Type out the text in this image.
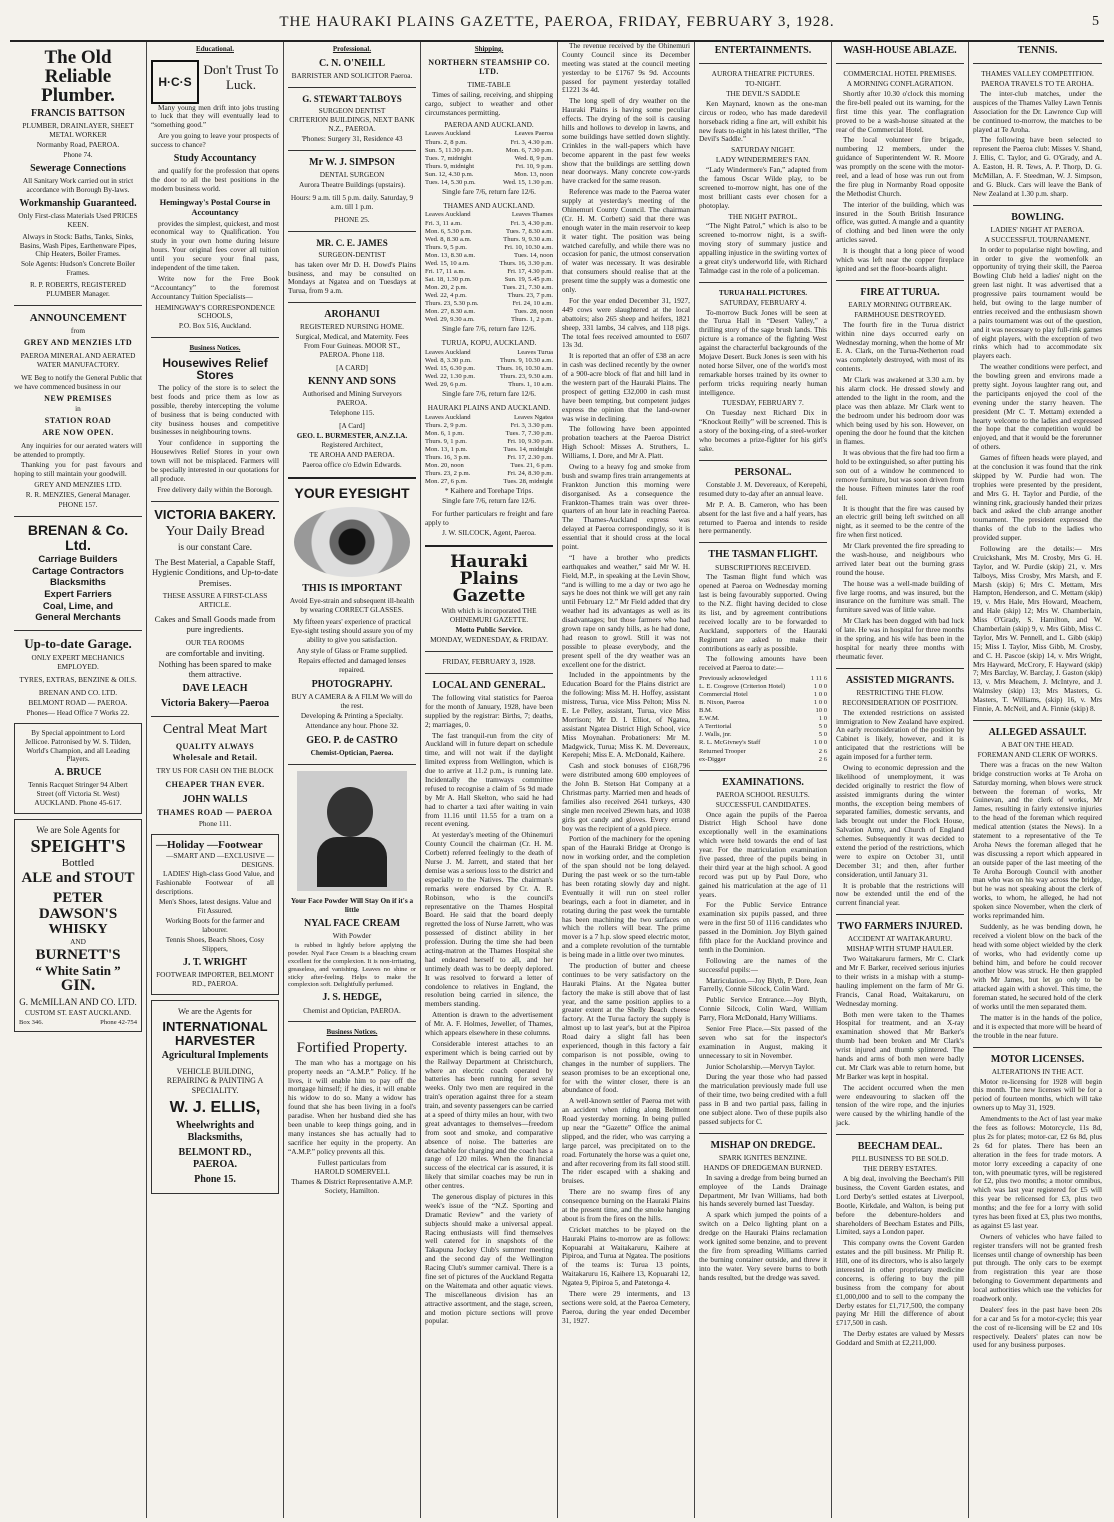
THE HAURAKI PLAINS GAZETTE, PAEROA, FRIDAY, FEBRUARY 3, 1928.	5
The Old Reliable Plumber.
FRANCIS BATTSON
PLUMBER, DRAINLAYER, SHEET METAL WORKER
Normanby Road, PAEROA.
Phone 74.
Sewerage Connections
All Sanitary Work carried out in strict accordance with Borough By-laws.
Workmanship Guaranteed.
Only First-class Materials Used PRICES KEEN.
Always in Stock: Baths, Tanks, Sinks, Basins, Wash Pipes, Earthenware Pipes, Chip Heaters, Boiler Frames.
Sole Agents: Hudson's Concrete Boiler Frames.
R. P. ROBERTS, REGISTERED PLUMBER Manager.
ANNOUNCEMENT
from
GREY AND MENZIES LTD
PAEROA MINERAL AND AERATED WATER MANUFACTORY.

WE Beg to notify the General Public that we have commenced business in our

NEW PREMISES
in
STATION ROAD
ARE NOW OPEN.

Any inquiries for our aerated waters will be attended to promptly.

Thanking you for past favours and hoping to still maintain your goodwill.

GREY AND MENZIES LTD.
R. R. MENZIES, General Manager.
PHONE 157.
BRENAN & Co. Ltd.
Carriage Builders
Cartage Contractors
Blacksmiths
Expert Farriers
Coal, Lime, and
General Merchants
Up-to-date Garage.
ONLY EXPERT MECHANICS EMPLOYED.
TYRES, EXTRAS, BENZINE & OILS.
BRENAN AND CO. LTD.
BELMONT ROAD — PAEROA.
Phones— Head Office 7 Works 22.
By Special appointment to Lord Jellicoe. Patronised by W. S. Tilden, World's Champion, and all Leading Players.
A. BRUCE
Tennis Racquet Stringer 94 Albert Street (off Victoria St. West) AUCKLAND. Phone 45-617.
We are Sole Agents for
SPEIGHT'S
Bottled
ALE and STOUT
PETER DAWSON'S
WHISKY
AND
BURNETT'S
“ White Satin ”
GIN.
G. McMILLAN AND CO. LTD.
CUSTOM ST. EAST AUCKLAND.
Box 346.	Phone 42-754
Educational.
H·C·S
Don't Trust To Luck.

Many young men drift into jobs trusting to luck that they will eventually lead to “something good.”

Are you going to leave your prospects of success to chance?

Study Accountancy

and qualify for the profession that opens the door to all the best positions in the modern business world.

Hemingway's Postal Course in Accountancy

provides the simplest, quickest, and most economical way to Qualification. You study in your own home during leisure hours. Your original fees cover all tuition until you secure your final pass, independent of the time taken.

Write now for the Free Book “Accountancy” to the foremost Accountancy Tuition Specialists—

HEMINGWAY'S CORRESPONDENCE SCHOOLS,
P.O. Box 516, Auckland.
Business Notices.
Housewives Relief Stores

The policy of the store is to select the best foods and price them as low as possible, thereby intercepting the volume of business that is being conducted with city business houses and competitive businesses in neighbouring towns.

Your confidence in supporting the Housewives Relief Stores in your own town will not be misplaced. Farmers will be specially interested in our quotations for all produce.

Free delivery daily within the Borough.
VICTORIA BAKERY.
Your Daily Bread
is our constant Care.
The Best Material, a Capable Staff, Hygienic Conditions, and Up-to-date Premises.
THESE ASSURE A FIRST-CLASS ARTICLE.
Cakes and Small Goods made from pure ingredients.
OUR TEA ROOMS
are comfortable and inviting. Nothing has been spared to make them attractive.
DAVE LEACH
Victoria Bakery—Paeroa
Central Meat Mart
QUALITY ALWAYS
Wholesale and Retail.
TRY US FOR CASH ON THE BLOCK
CHEAPER THAN EVER.
JOHN WALLS
THAMES ROAD — PAEROA
Phone 111.
—Holiday —Footwear
—SMART AND —EXCLUSIVE —DESIGNS.

LADIES' High-class Good Value, and Fashionable Footwear of all descriptions.

Men's Shoes, latest designs. Value and Fit Assured.
Working Boots for the farmer and labourer.
Tennis Shoes, Beach Shoes, Cosy Slippers,
J. T. WRIGHT
FOOTWEAR IMPORTER, BELMONT RD., PAEROA.
We are the Agents for
INTERNATIONAL HARVESTER
Agricultural Implements
VEHICLE BUILDING, REPAIRING & PAINTING A SPECIALITY.
W. J. ELLIS,
Wheelwrights and Blacksmiths,
BELMONT RD., PAEROA.
Phone 15.
Professional.
C. N. O'NEILL
BARRISTER AND SOLICITOR Paeroa.
G. STEWART TALBOYS
SURGEON DENTIST
CRITERION BUILDINGS, NEXT BANK N.Z., PAEROA.
'Phones: Surgery 31, Residence 43
Mr W. J. SIMPSON
DENTAL SURGEON
Aurora Theatre Buildings (upstairs).
Hours: 9 a.m. till 5 p.m. daily. Saturday, 9 a.m. till 1 p.m.
PHONE 25.
MR. C. E. JAMES
SURGEON-DENTIST

has taken over Mr D. H. Dowd's Plains business, and may be consulted on Mondays at Ngatea and on Tuesdays at Turua, from 9 a.m.

AROHANUI
REGISTERED NURSING HOME.
Surgical, Medical, and Maternity. Fees From Four Guineas. MOOR ST., PAEROA. Phone 118.
[A CARD]
KENNY AND SONS
Authorised and Mining Surveyors PAEROA.
Telephone 115.
[A Card]
GEO. L. BURMESTER, A.N.Z.I.A.
Registered Architect,
TE AROHA AND PAEROA.
Paeroa office c/o Edwin Edwards.
YOUR EYESIGHT
THIS IS IMPORTANT
Avoid Eye-strain and subsequent ill-health by wearing CORRECT GLASSES.
My fifteen years' experience of practical Eye-sight testing should assure you of my ability to give you satisfaction.
Any style of Glass or Frame supplied.
Repairs effected and damaged lenses repaired.
PHOTOGRAPHY.
BUY A CAMERA & A FILM We will do the rest.
Developing & Printing a Specialty.
Attendance any hour. Phone 32.
GEO. P. de CASTRO
Chemist-Optician, Paeroa.
Your Face Powder Will Stay On if it's a little
NYAL FACE CREAM
With Powder

is rubbed in lightly before applying the powder. Nyal Face Cream is a bleaching cream excellent for the complexion. It is non-irritating, greaseless, and vanishing. Leaves no shine or sticky after-feeling. Helps to make the complexion soft. Delightfully perfumed.

J. S. HEDGE,
Chemist and Optician, PAEROA.
Business Notices.
Fortified Property.

The man who has a mortgage on his property needs an “A.M.P.” Policy. If he lives, it will enable him to pay off the mortgage himself; if he dies, it will enable his widow to do so. Many a widow has found that she has been living in a fool's paradise. When her husband died she has been unable to keep things going, and in many instances she has actually had to sacrifice her equity in the property. An “A.M.P.” policy prevents all this.

Fullest particulars from
HAROLD SOMERVELL
Thames & District Representative A.M.P. Society, Hamilton.
Shipping.
NORTHERN STEAMSHIP CO. LTD.
TIME-TABLE

Times of sailing, receiving, and shipping cargo, subject to weather and other circumstances permitting.

PAEROA AND AUCKLAND.
Leaves Auckland	Leaves Paeroa
Thurs. 2, 8 p.m.	Fri. 3, 4.30 p.m.
Sun. 5, 11.30 p.m.	Mon. 6, 7.30 p.m.
Tues. 7, midnight	Wed. 8, 9 p.m.
Thurs. 9, midnight	Fri. 10, 9 p.m.
Sun. 12, 4.30 p.m.	Mon. 13, noon
Tues. 14, 5.30 p.m.	Wed. 15, 1.30 p.m.
Single fare 7/6, return fare 12/6.
THAMES AND AUCKLAND.
Leaves Auckland	Leaves Thames
Fri. 3, 11 a.m.	Fri. 3, 4.30 p.m.
Mon. 6, 5.30 p.m.	Tues. 7, 8.30 a.m.
Wed. 8, 8.30 a.m.	Thurs. 9, 9.30 a.m.
Thurs. 9, 5 p.m.	Fri. 10, 10.30 a.m.
Mon. 13, 8.30 a.m.	Tues. 14, noon
Wed. 15, 10 a.m.	Thurs. 16, 3.30 p.m.
Fri. 17, 11 a.m.	Fri. 17, 4.30 p.m.
Sat. 18, 1.30 p.m.	Sun. 19, 5.45 p.m.
Mon. 20, 2 p.m.	Tues. 21, 7.30 a.m.
Wed. 22, 4 p.m.	Thurs. 23, 7 p.m.
Thurs. 23, 5.30 p.m.	Fri. 24, 10 a.m.
Mon. 27, 8.30 a.m.	Tues. 28, noon
Wed. 29, 9.30 a.m.	Thurs. 1, 2 p.m.
Single fare 7/6, return fare 12/6.
TURUA, KOPU, AUCKLAND.
Leaves Auckland	Leaves Turua
Wed. 8, 3.30 p.m.	Thurs. 9, 10.30 a.m.
Wed. 15, 6.30 p.m.	Thurs. 16, 10.30 a.m.
Wed. 22, 1.30 p.m.	Thurs. 23, 9.30 a.m.
Wed. 29, 6 p.m.	Thurs. 1, 10 a.m.
Single fare 7/6, return fare 12/6.
HAURAKI PLAINS AND AUCKLAND.
Leaves Auckland	Leaves Ngatea
Thurs. 2, 9 p.m.	Fri. 3, 3.30 p.m.
Mon. 6, 1 p.m.	Tues. 7, 7.30 p.m.
Thurs. 9, 1 p.m.	Fri. 10, 9.30 p.m.
Mon. 13, 1 p.m.	Tues. 14, midnight
Thurs. 16, 3 p.m.	Fri. 17, 2.30 p.m.
Mon. 20, noon	Tues. 21, 6 p.m.
Thurs. 23, 2 p.m.	Fri. 24, 8.30 p.m.
Mon. 27, 6 p.m.	Tues. 28, midnight
* Kaihere and Torehape Trips.
Single fare 7/6, return fare 12/6.

For further particulars re freight and fare apply to

J. W. SILCOCK, Agent, Paeroa.
Hauraki Plains Gazette
With which is incorporated THE OHINEMURI GAZETTE.
Motto Public Service.
MONDAY, WEDNESDAY, & FRIDAY.
FRIDAY, FEBRUARY 3, 1928.
LOCAL AND GENERAL.

The following vital statistics for Paeroa for the month of January, 1928, have been supplied by the registrar: Births, 7; deaths, 2; marriages, 0.

The fast tranquil-run from the city of Auckland will in future depart on schedule time, and will not wait if the daylight limited express from Wellington, which is due to arrive at 11.2 p.m., is running late. Incidentally the tramways committee refused to recognise a claim of 5s 9d made by Mr A. Hall Skelton, who said he had had to charter a taxi after waiting in vain from 11.16 until 11.55 for a tram on a recent evening.

At yesterday's meeting of the Ohinemuri County Council the chairman (Cr. H. M. Corbett) referred feelingly to the death of Nurse J. M. Jarrett, and stated that her demise was a serious loss to the district and especially to the Natives. The chairman's remarks were endorsed by Cr. A. R. Robinson, who is the council's representative on the Thames Hospital Board. He said that the board deeply regretted the loss of Nurse Jarrett, who was possessed of distinct ability in her profession. During the time she had been acting-matron at the Thames Hospital she had endeared herself to all, and her untimely death was to be deeply deplored. It was resolved to forward a letter of condolence to relatives in England, the resolution being carried in silence, the members standing.

Attention is drawn to the advertisement of Mr. A. F. Holmes, Jeweller, of Thames, which appears elsewhere in these columns.

Considerable interest attaches to an experiment which is being carried out by the Railway Department at Christchurch, where an electric coach operated by batteries has been running for several weeks. Only two men are required in the train's operation against three for a steam train, and seventy passengers can be carried at a speed of thirty miles an hour, with two great advantages to themselves—freedom from soot and smoke, and comparative absence of noise. The batteries are detachable for charging and the coach has a range of 120 miles. When the financial success of the electrical car is assured, it is likely that similar coaches may be run in other centres.

The generous display of pictures in this week's issue of the “N.Z. Sporting and Dramatic Review” and the variety of subjects should make a universal appeal. Racing enthusiasts will find themselves well catered for in snapshots of the Takapuna Jockey Club's summer meeting and the second day of the Wellington Racing Club's summer carnival. There is a fine set of pictures of the Auckland Regatta on the Waitemata and other aquatic views. The miscellaneous division has an attractive assortment, and the stage, screen, and motion picture sections will prove popular.

The revenue received by the Ohinemuri County Council since its December meeting was stated at the council meeting yesterday to be £1767 9s 9d. Accounts passed for payment yesterday totalled £1221 3s 4d.

The long spell of dry weather on the Hauraki Plains is having some peculiar effects. The drying of the soil is causing hills and hollows to develop in lawns, and some buildings have settled down slightly. Crinkles in the wall-papers which have become apparent in the past few weeks show that the buildings are settling down near doorways. Many concrete cow-yards have cracked for the same reason.

Reference was made to the Paeroa water supply at yesterday's meeting of the Ohinemuri County Council. The chairman (Cr. H. M. Corbett) said that there was enough water in the main reservoir to keep it water tight. The position was being watched carefully, and while there was no occasion for panic, the utmost conservation of water was necessary. It was desirable that consumers should realise that at the present time the supply was a domestic one only.

For the year ended December 31, 1927, 449 cows were slaughtered at the local abattoirs; also 265 sheep and heifers, 1821 sheep, 331 lambs, 34 calves, and 118 pigs. The total fees received amounted to £607 13s 3d.

It is reported that an offer of £38 an acre in cash was declined recently by the owner of a 900-acre block of flat and hill land in the western part of the Hauraki Plains. The prospect of getting £32,000 in cash must have been tempting, but competent judges express the opinion that the land-owner was wise in declining.

The following have been appointed probation teachers at the Paeroa District High School: Misses A. Struthers, L. Williams, I. Dore, and Mr A. Platt.

Owing to a heavy fog and smoke from bush and swamp fires train arrangements at Frankton Junction this morning were disorganised. As a consequence the Frankton-Thames train was over three-quarters of an hour late in reaching Paeroa. The Thames-Auckland express was delayed at Paeroa correspondingly, so it is essential that it should cross at the local point.

“I have a brother who predicts earthquakes and weather,” said Mr W. H. Field, M.P., in speaking at the Levin Show, “and is willing to me a day or two ago he says he does not think we will get any rain until February 12.” Mr Field added that dry weather had its advantages as well as its disadvantages; but those farmers who had grown rape on sandy hills, as he had done, had reason to growl. Still it was not possible to please everybody, and the present spell of the dry weather was an excellent one for the district.

Included in the appointments by the Education Board for the Plains district are the following: Miss M. H. Hoffey, assistant mistress, Turua, vice Miss Pelton; Miss N. E. Le Pelley, assistant, Turua, vice Miss Morrison; Mr D. I. Elliot, of Ngatea, assistant Ngatea District High School, vice Miss Moynahan. Probationers: Mr M. Madgwick, Turua; Miss K. M. Devereaux, Kerepehi; Miss E. A. McDonald, Kaihere.

Cash and stock bonuses of £168,796 were distributed among 600 employees of the John B. Stetson Hat Company at a Christmas party. Married men and heads of families also received 2641 turkeys, 430 single men received 29ewm hats, and 1038 girls got candy and gloves. Every errand boy was the recipient of a gold piece.

Portion of the machinery for the opening span of the Hauraki Bridge at Orongo is now in working order, and the completion of the span should not be long delayed. During the past week or so the turn-table has been rotating slowly day and night. Eventually it will run on steel roller bearings, each a foot in diameter, and in rotating during the past week the turntable has been machining the two surfaces on which the rollers will bear. The prime mover is a 7 h.p. slow speed electric motor, and a complete revolution of the turntable is being made in a little over two minutes.

The production of butter and cheese continues to be very satisfactory on the Hauraki Plains. At the Ngatea butter factory the make is still above that of last year, and the same position applies to a greater extent at the Shelly Beach cheese factory. At the Turua factory the supply is almost up to last year's, but at the Pipiroa Road dairy a slight fall has been experienced, though in this factory a fair comparison is not possible, owing to changes in the number of suppliers. The season promises to be an exceptional one, for with the winter closer, there is an abundance of food.

A well-known settler of Paeroa met with an accident when riding along Belmont Road yesterday morning. In being pulled up near the “Gazette” Office the animal slipped, and the rider, who was carrying a large parcel, was precipitated on to the road. Fortunately the horse was a quiet one, and after recovering from its fall stood still. The rider escaped with a shaking and bruises.

There are no swamp fires of any consequence burning on the Hauraki Plains at the present time, and the smoke hanging about is from the fires on the hills.

Cricket matches to be played on the Hauraki Plains to-morrow are as follows: Kopuarahi at Waitakaruru, Kaihere at Pipiroa, and Turua at Ngatea. The positions of the teams is: Turua 13 points, Waitakaruru 16, Kaihere 13, Kopuarahi 12, Ngatea 9, Pipiroa 5, and Patetonga 4.

There were 29 interments, and 13 sections were sold, at the Paeroa Cemetery, Paeroa, during the year ended December 31, 1927.

ENTERTAINMENTS.
AURORA THEATRE PICTURES.
TO-NIGHT.
THE DEVIL'S SADDLE

Ken Maynard, known as the one-man circus or rodeo, who has made daredevil horseback riding a fine art, will exhibit his new feats to-night in his latest thriller, “The Devil's Saddle.”

SATURDAY NIGHT.
LADY WINDERMERE'S FAN.

“Lady Windermere's Fan,” adapted from the famous Oscar Wilde play, to be screened to-morrow night, has one of the most brilliant casts ever chosen for a photoplay.

THE NIGHT PATROL.

“The Night Patrol,” which is also to be screened to-morrow night, is a swift-moving story of summary justice and appalling injustice in the swirling vortex of a great city's underworld life, with Richard Talmadge cast in the role of a policeman.

TURUA HALL PICTURES.
SATURDAY, FEBRUARY 4.

To-morrow Buck Jones will be seen at the Turua Hall in “Desert Valley,” a thrilling story of the sage brush lands. This picture is a romance of the fighting West against the characterful backgrounds of the Mojave Desert. Buck Jones is seen with his noted horse Silver, one of the world's most remarkable horses trained by its owner to perform tricks requiring nearly human intelligence.

TUESDAY, FEBRUARY 7.

On Tuesday next Richard Dix in “Knockout Reilly” will be screened. This is a story of the boxing-ring, of a steel-worker who becomes a prize-fighter for his girl's sake.

PERSONAL.

Constable J. M. Devereaux, of Kerepehi, resumed duty to-day after an annual leave.

Mr P. A. B. Cameron, who has been absent for the last five and a half years, has returned to Paeroa and intends to reside here permanently.

THE TASMAN FLIGHT.
SUBSCRIPTIONS RECEIVED.

The Tasman flight fund which was opened at Paeroa on Wednesday morning last is being favourably supported. Owing to the N.Z. flight having decided to close its list, and by agreement contributions received locally are to be forwarded to Auckland, supporters of the Hauraki Regiment are asked to make their contributions as early as possible.

The following amounts have been received at Paeroa to date:—

Previously acknowledged	1 11 6
L. E. Cosgrove (Criterion Hotel)	1 0 0
Commercial Hotel	1 0 0
B. Nixon, Paeroa	1 0 0
B.M.	10 0
E.W.M.	1 0
A Territorial	5 0
J. Walls, jnr.	5 0
R. L. McGivney's Staff	1 0 0
Returned Trooper	2 6
ex-Digger	2 6
EXAMINATIONS.
PAEROA SCHOOL RESULTS.
SUCCESSFUL CANDIDATES.

Once again the pupils of the Paeroa District High School have done exceptionally well in the examinations which were held towards the end of last year. For the matriculation examination five passed, three of the pupils being in their third year at the high school. A good record was put up by Paul Dore, who gained his matriculation at the age of 11 years.

For the Public Service Entrance examination six pupils passed, and three were in the first 50 of 1116 candidates who passed in the Dominion. Joy Blyth gained fifth place for the Auckland province and tenth in the Dominion.

Following are the names of the successful pupils:—

Matriculation.—Joy Blyth, P. Dore, Jean Farrelly, Connie Silcock, Colin Ward.

Public Service Entrance.—Joy Blyth, Connie Silcock, Colin Ward, William Parry, Flora McDonald, Harry Williams.

Senior Free Place.—Six passed of the seven who sat for the inspector's examination in August, making it unnecessary to sit in November.

Junior Scholarship.—Mervyn Taylor.

During the year those who had passed the matriculation previously made full use of their time, two being credited with a full pass in B and two partial pass, failing in one subject alone. Two of these pupils also passed subjects for C.

MISHAP ON DREDGE.
SPARK IGNITES BENZINE.
HANDS OF DREDGEMAN BURNED.

In saving a dredge from being burned an employee of the Lands Drainage Department, Mr Ivan Williams, had both his hands severely burned last Tuesday.

A spark which jumped the points of a switch on a Delco lighting plant on a dredge on the Hauraki Plains reclamation work ignited some benzine, and to prevent the fire from spreading Williams carried the burning container outside, and threw it into the water. Very severe burns to both hands resulted, but the dredge was saved.

WASH-HOUSE ABLAZE.
COMMERCIAL HOTEL PREMISES.
A MORNING CONFLAGRATION.

Shortly after 10.30 o'clock this morning the fire-bell pealed out its warning, for the first time this year. The conflagration proved to be a wash-house situated at the rear of the Commercial Hotel.

The local volunteer fire brigade, numbering 12 members, under the guidance of Superintendent W. R. Moore was promptly on the scene with the motor-reel, and a lead of hose was run out from the fire plug in Normanby Road opposite the Methodist Church.

The interior of the building, which was insured in the South British Insurance office, was gutted. A mangle and a quantity of clothing and bed linen were the only articles saved.

It is thought that a long piece of wood which was left near the copper fireplace ignited and set the floor-boards alight.

FIRE AT TURUA.
EARLY MORNING OUTBREAK.
FARMHOUSE DESTROYED.

The fourth fire in the Turua district within nine days occurred early on Wednesday morning, when the home of Mr E. A. Clark, on the Turua-Netherton road was completely destroyed, with most of its contents.

Mr Clark was awakened at 3.30 a.m. by his alarm clock. He dressed slowly and attended to the light in the room, and the place was then ablaze. Mr Clark went to the bedroom under his bedroom door was which being used by his son. However, on opening the door he found that the kitchen in flames.

It was obvious that the fire had too firm a hold to be extinguished, so after putting his son out of a window he commenced to remove furniture, but was soon driven from the house. Fifteen minutes later the roof fell.

It is thought that the fire was caused by an electric grill being left switched on all night, as it seemed to be the centre of the fire when first noticed.

Mr Clark prevented the fire spreading to the wash-house, and neighbours who arrived later beat out the burning grass round the house.

The house was a well-made building of five large rooms, and was insured, but the insurance on the furniture was small. The furniture saved was of little value.

Mr Clark has been dogged with bad luck of late. He was in hospital for three months in the spring, and his wife has been in the hospital for nearly three months with rheumatic fever.

ASSISTED MIGRANTS.
RESTRICTING THE FLOW.
RECONSIDERATION OF POSITION.

The extended restrictions on assisted immigration to New Zealand have expired. An early reconsideration of the position by Cabinet is likely, however, and it is anticipated that the restrictions will be again imposed for a further term.

Owing to economic depression and the likelihood of unemployment, it was decided originally to restrict the flow of assisted immigrants during the winter months, the exception being members of separated families, domestic servants, and lads brought out under the Flock House, Salvation Army, and Church of England schemes. Subsequently it was decided to extend the period of the restrictions, which were to expire on October 31, until December 31; and then, after further consideration, until January 31.

It is probable that the restrictions will now be extended until the end of the current financial year.

TWO FARMERS INJURED.
ACCIDENT AT WAITAKARURU.
MISHAP WITH STUMP HAULER.

Two Waitakaruru farmers, Mr C. Clark and Mr F. Barker, received serious injuries to their wrists in a mishap with a stump-hauling implement on the farm of Mr G. Francis, Canal Road, Waitakaruru, on Wednesday morning.

Both men were taken to the Thames Hospital for treatment, and an X-ray examination showed that Mr Barker's thumb had been broken and Mr Clark's wrist injured and thumb splintered. The hands and arms of both men were badly cut. Mr Clark was able to return home, but Mr Barker was kept in hospital.

The accident occurred when the men were endeavouring to slacken off the tension of the wire rope, and the injuries were caused by the whirling handle of the jack.

BEECHAM DEAL.
PILL BUSINESS TO BE SOLD.
THE DERBY ESTATES.

A big deal, involving the Beecham's Pill business, the Covent Garden estates, and Lord Derby's settled estates at Liverpool, Bootle, Kirkdale, and Walton, is being put before the debenture-holders and shareholders of Beecham Estates and Pills, Limited, says a London paper.

This company owns the Covent Garden estates and the pill business. Mr Philip R. Hill, one of its directors, who is also largely interested in other proprietary medicine concerns, is offering to buy the pill business from the company for about £1,000,000 and to sell to the company the Derby estates for £1,717,500, the company paying Mr Hill the difference of about £717,500 in cash.

The Derby estates are valued by Messrs Goddard and Smith at £2,211,000.

TENNIS.
THAMES VALLEY COMPETITION.
PAEROA TRAVELS TO TE AROHA.

The inter-club matches, under the auspices of the Thames Valley Lawn Tennis Association for the Dr. Lawrence Cup will be continued to-morrow, the matches to be played at Te Aroha.

The following have been selected to represent the Paeroa club: Misses V. Shand, J. Ellis, C. Taylor, and G. O'Grady, and A. A. Easton, H. R. Tews, A. P. Thorp, D. G. McMillan, A. F. Steedman, W. J. Simpson, and G. Bluck. Cars will leave the Bank of New Zealand at 1.30 p.m. sharp.

BOWLING.
LADIES' NIGHT AT PAEROA.
A SUCCESSFUL TOURNAMENT.

In order to popularise night bowling, and in order to give the womenfolk an opportunity of trying their skill, the Paeroa Bowling Club held a ladies' night on the green last night. It was advertised that a progressive pairs tournament would be held, but owing to the large number of entries received and the enthusiasm shown a pairs tournament was out of the question, and it was necessary to play full-rink games of eight players, with the exception of two rinks which had to accommodate six players each.

The weather conditions were perfect, and the bowling green and environs made a pretty sight. Joyous laughter rang out, and the participants enjoyed the cool of the evening under the starry heaven. The president (Mr C. T. Mettam) extended a hearty welcome to the ladies and expressed the hope that the competition would be enjoyed, and that it would be the forerunner of others.

Games of fifteen heads were played, and at the conclusion it was found that the rink skipped by W. Purdie had won. The trophies were presented by the president, and Mrs G. H. Taylor and Purdie, of the winning rink, graciously handed their prizes back and asked the club arrange another tournament. The president expressed the thanks of the club to the ladies who provided supper.

Following are the details:— Mrs Cruickshank, Mrs M. Crosby, Mrs G. H. Taylor, and W. Purdie (skip) 21, v. Mrs Talboys, Miss Crosby, Mrs Marsh, and F. Marsh (skip) 6; Mrs C. Mettam, Mrs Hampton, Henderson, and C. Mettam (skip) 19, v. Mrs Hale, Mrs Howard, Meachem, and Hale (skip) 12; Mrs W. Chamberlain, Miss O'Grady, S. Hamilton, and W. Chamberlain (skip) 9, v. Mrs Gibb, Miss C. Taylor, Mrs W. Pennell, and L. Gibb (skip) 15; Miss I. Taylor, Miss Gibb, M. Crosby, and C. H. Pascoe (skip) 14, v. Mrs Wright, Mrs Hayward, McCrory, F. Hayward (skip) 7; Mrs Barclay, W. Barclay, J. Gaston (skip) 13, v. Mrs Meachem, J. McIntyre, and J. Walmsley (skip) 13; Mrs Masters, G. Masters, T. Williams, (skip) 16, v. Mrs Finnie, A. McNeil, and A. Finnie (skip) 8.

ALLEGED ASSAULT.
A BAT ON THE HEAD.
FOREMAN AND CLERK OF WORKS.

There was a fracas on the new Walton bridge construction works at Te Aroha on Saturday morning, when blows were struck between the foreman of works, Mr Guinevan, and the clerk of works, Mr James, resulting in fairly extensive injuries to the head of the foreman which required medical attention (states the News). In a statement to a representative of the Te Aroha News the foreman alleged that he was discussing a report which appeared in an outside paper of the last meeting of the Te Aroha Borough Council with another man who was on his way across the bridge, but he was not speaking about the clerk of works, to whom, he alleged, he had not spoken since November, when the clerk of works reprimanded him.

Suddenly, as he was bending down, he received a violent blow on the back of the head with some object wielded by the clerk of works, who had evidently come up behind him, and before he could recover another blow was struck. He then grappled with Mr James, but let go only to be attacked again with a shovel. This time, the foreman stated, he secured hold of the clerk of works until the men separated them.

The matter is in the hands of the police, and it is expected that more will be heard of the trouble in the near future.

MOTOR LICENSES.
ALTERATIONS IN THE ACT.

Motor re-licensing for 1928 will begin this month. The new licenses will be for a period of fourteen months, which will take owners up to May 31, 1929.

Amendments to the Act of last year make the fees as follows: Motorcycle, 11s 8d, plus 2s for plates; motor-car, £2 6s 8d, plus 2s 6d for plates. There has been an alteration in the fees for trade motors. A motor lorry exceeding a capacity of one ton, with pneumatic tyres, will be registered for £2, plus two months; a motor omnibus, which was last year registered for £5 will this year be relicensed for £3, plus two months; and the fee for a lorry with solid tyres has been fixed at £3, plus two months, as against £5 last year.

Owners of vehicles who have failed to register transfers will not be granted fresh licenses until change of ownership has been put through. The only cars to be exempt from registration this year are those belonging to Government departments and local authorities which use the vehicles for roadwork only.

Dealers' fees in the past have been 20s for a car and 5s for a motor-cycle; this year the cost of re-licensing will be £2 and 10s respectively. Dealers' plates can now be used for any business purposes.
